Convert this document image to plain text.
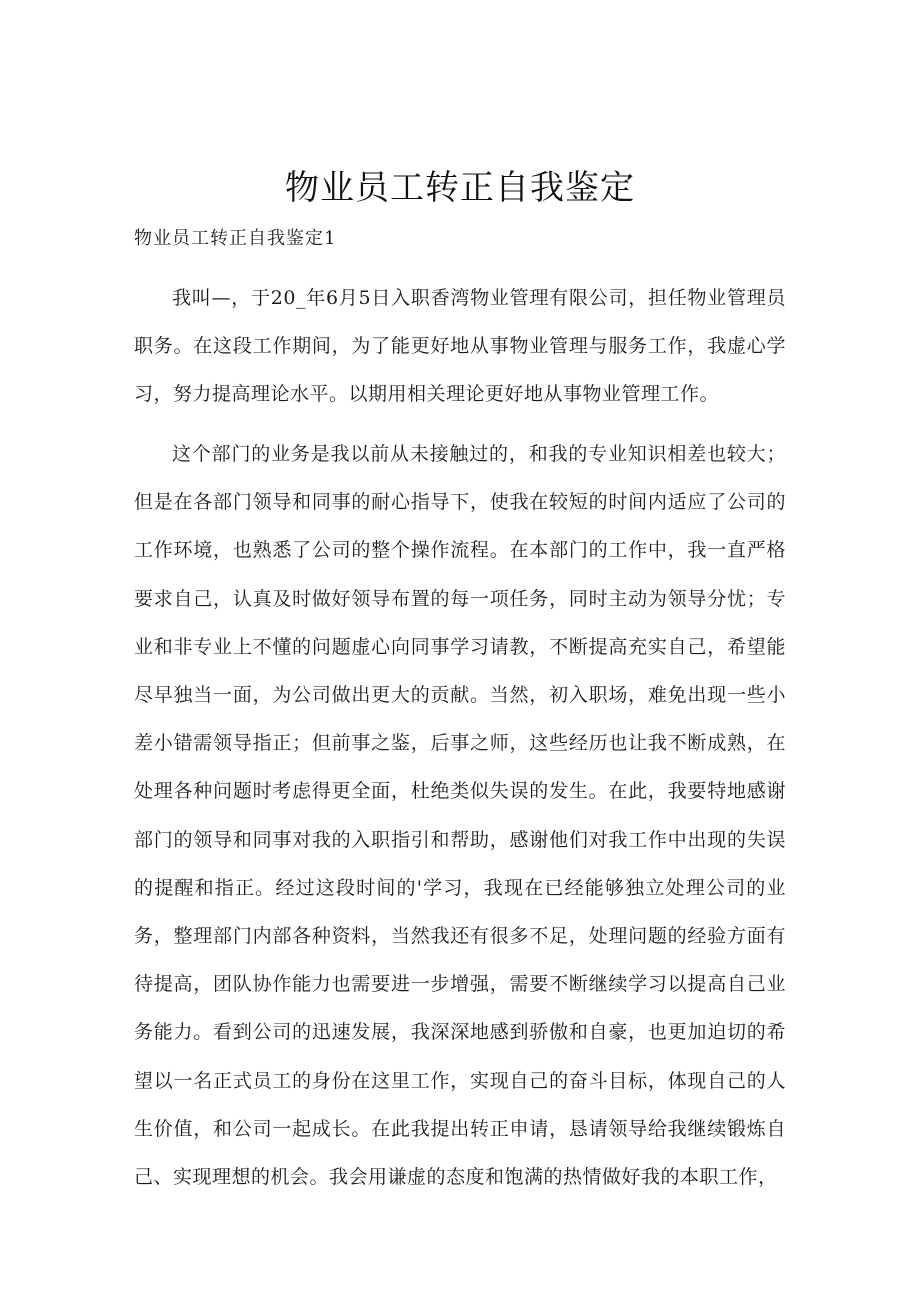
物业员工转正自我鉴定

物业员工转正自我鉴定1

我叫—，于20_年6月5日入职香湾物业管理有限公司，担任物业管理员职务。在这段工作期间，为了能更好地从事物业管理与服务工作，我虚心学习，努力提高理论水平。以期用相关理论更好地从事物业管理工作。

这个部门的业务是我以前从未接触过的，和我的专业知识相差也较大；但是在各部门领导和同事的耐心指导下，使我在较短的时间内适应了公司的工作环境，也熟悉了公司的整个操作流程。在本部门的工作中，我一直严格要求自己，认真及时做好领导布置的每一项任务，同时主动为领导分忧；专业和非专业上不懂的问题虚心向同事学习请教，不断提高充实自己，希望能尽早独当一面，为公司做出更大的贡献。当然，初入职场，难免出现一些小差小错需领导指正；但前事之鉴，后事之师，这些经历也让我不断成熟，在处理各种问题时考虑得更全面，杜绝类似失误的发生。在此，我要特地感谢部门的领导和同事对我的入职指引和帮助，感谢他们对我工作中出现的失误的提醒和指正。经过这段时间的'学习，我现在已经能够独立处理公司的业务，整理部门内部各种资料，当然我还有很多不足，处理问题的经验方面有待提高，团队协作能力也需要进一步增强，需要不断继续学习以提高自己业务能力。看到公司的迅速发展，我深深地感到骄傲和自豪，也更加迫切的希望以一名正式员工的身份在这里工作，实现自己的奋斗目标，体现自己的人生价值，和公司一起成长。在此我提出转正申请，恳请领导给我继续锻炼自己、实现理想的机会。我会用谦虚的态度和饱满的热情做好我的本职工作，
